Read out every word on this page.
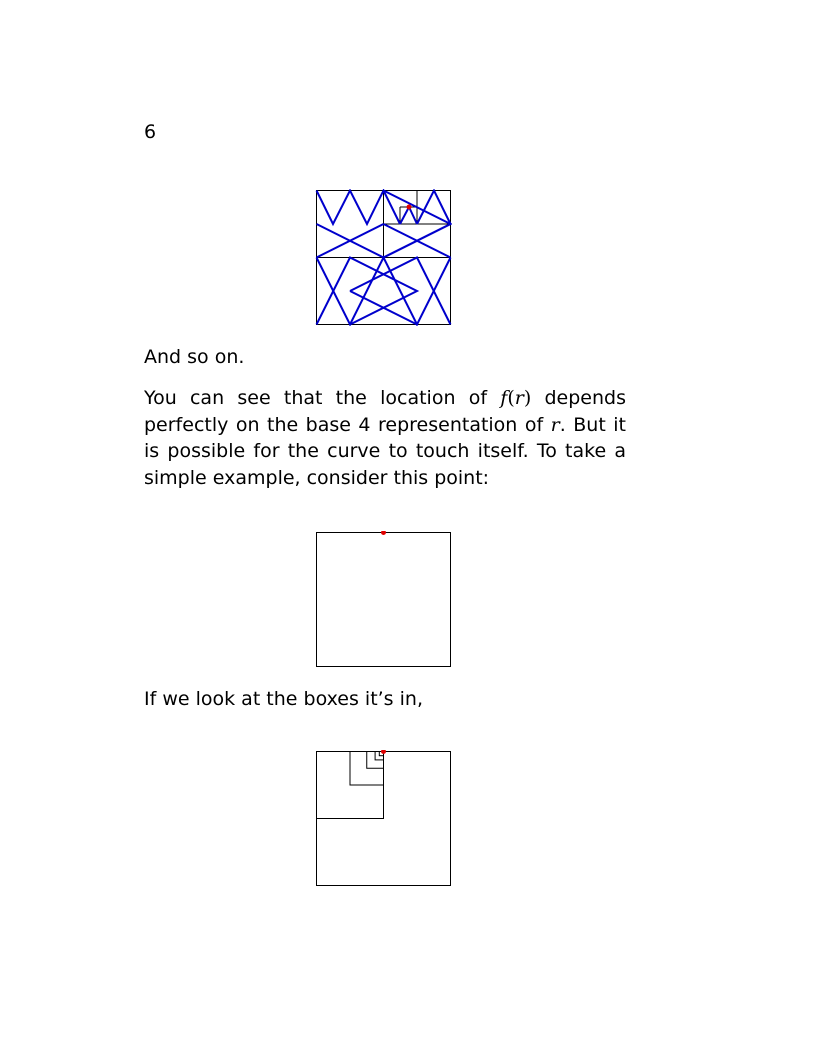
6

And so on.

You can see that the location of f(r) depends perfectly on the base 4 representation of r. But it is possible for the curve to touch itself. To take a simple example, consider this point:

If we look at the boxes it’s in,
